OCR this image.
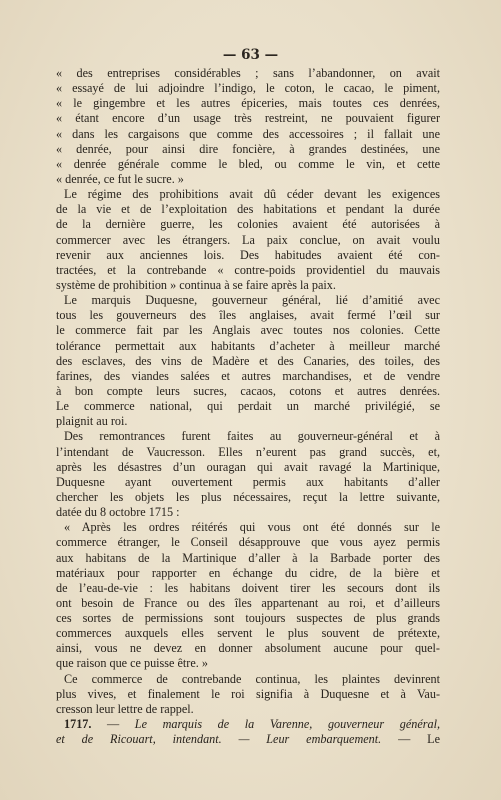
— 63 —
« des entreprises considérables ; sans l’abandonner, on avait
« essayé de lui adjoindre l’indigo, le coton, le cacao, le piment,
« le gingembre et les autres épiceries, mais toutes ces denrées,
« étant encore d’un usage très restreint, ne pouvaient figurer
« dans les cargaisons que comme des accessoires ; il fallait une
« denrée, pour ainsi dire foncière, à grandes destinées, une
« denrée générale comme le bled, ou comme le vin, et cette
« denrée, ce fut le sucre. »
Le régime des prohibitions avait dû céder devant les exigences
de la vie et de l’exploitation des habitations et pendant la durée
de la dernière guerre, les colonies avaient été autorisées à
commercer avec les étrangers. La paix conclue, on avait voulu
revenir aux anciennes lois. Des habitudes avaient été con-
tractées, et la contrebande « contre-poids providentiel du mauvais
système de prohibition » continua à se faire après la paix.
Le marquis Duquesne, gouverneur général, lié d’amitié avec
tous les gouverneurs des îles anglaises, avait fermé l’œil sur
le commerce fait par les Anglais avec toutes nos colonies. Cette
tolérance permettait aux habitants d’acheter à meilleur marché
des esclaves, des vins de Madère et des Canaries, des toiles, des
farines, des viandes salées et autres marchandises, et de vendre
à bon compte leurs sucres, cacaos, cotons et autres denrées.
Le commerce national, qui perdait un marché privilégié, se
plaignit au roi.
Des remontrances furent faites au gouverneur-général et à
l’intendant de Vaucresson. Elles n’eurent pas grand succès, et,
après les désastres d’un ouragan qui avait ravagé la Martinique,
Duquesne ayant ouvertement permis aux habitants d’aller
chercher les objets les plus nécessaires, reçut la lettre suivante,
datée du 8 octobre 1715 :
« Après les ordres réitérés qui vous ont été donnés sur le
commerce étranger, le Conseil désapprouve que vous ayez permis
aux habitans de la Martinique d’aller à la Barbade porter des
matériaux pour rapporter en échange du cidre, de la bière et
de l’eau-de-vie : les habitans doivent tirer les secours dont ils
ont besoin de France ou des îles appartenant au roi, et d’ailleurs
ces sortes de permissions sont toujours suspectes de plus grands
commerces auxquels elles servent le plus souvent de prétexte,
ainsi, vous ne devez en donner absolument aucune pour quel-
que raison que ce puisse être. »
Ce commerce de contrebande continua, les plaintes devinrent
plus vives, et finalement le roi signifia à Duquesne et à Vau-
cresson leur lettre de rappel.
1717. — Le marquis de la Varenne, gouverneur général,
et de Ricouart, intendant. — Leur embarquement. — Le
